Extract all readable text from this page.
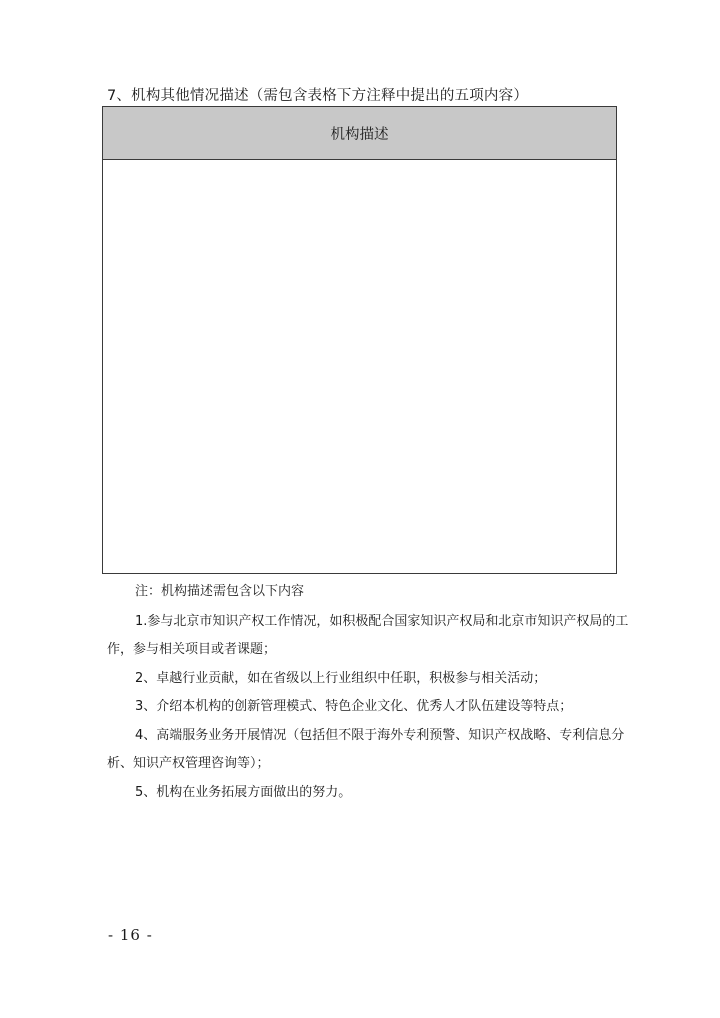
7、机构其他情况描述（需包含表格下方注释中提出的五项内容）
机构描述
注：机构描述需包含以下内容
1.参与北京市知识产权工作情况，如积极配合国家知识产权局和北京市知识产权局的工
作，参与相关项目或者课题；
2、卓越行业贡献，如在省级以上行业组织中任职，积极参与相关活动；
3、介绍本机构的创新管理模式、特色企业文化、优秀人才队伍建设等特点；
4、高端服务业务开展情况（包括但不限于海外专利预警、知识产权战略、专利信息分
析、知识产权管理咨询等）；
5、机构在业务拓展方面做出的努力。
- 16 -
